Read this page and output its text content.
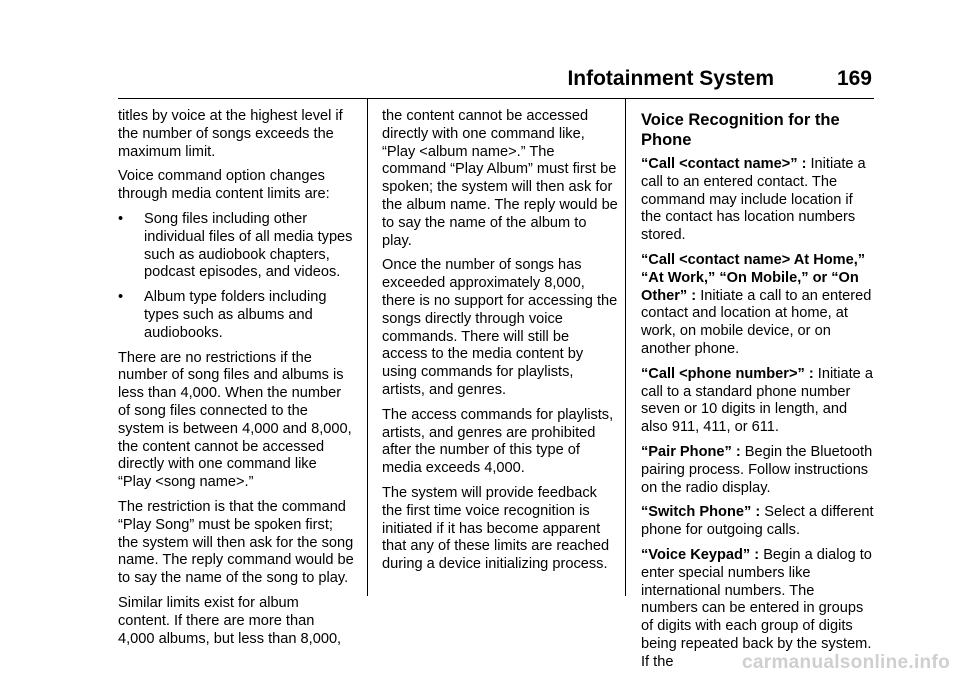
Infotainment System	169

titles by voice at the highest level if the number of songs exceeds the maximum limit.

Voice command option changes through media content limits are:

•	Song files including other individual files of all media types such as audiobook chapters, podcast episodes, and videos.
•	Album type folders including types such as albums and audiobooks.

There are no restrictions if the number of song files and albums is less than 4,000. When the number of song files connected to the system is between 4,000 and 8,000, the content cannot be accessed directly with one command like “Play <song name>.”

The restriction is that the command “Play Song” must be spoken first; the system will then ask for the song name. The reply command would be to say the name of the song to play.

Similar limits exist for album content. If there are more than 4,000 albums, but less than 8,000,

the content cannot be accessed directly with one command like, “Play <album name>.” The command “Play Album” must first be spoken; the system will then ask for the album name. The reply would be to say the name of the album to play.

Once the number of songs has exceeded approximately 8,000, there is no support for accessing the songs directly through voice commands. There will still be access to the media content by using commands for playlists, artists, and genres.

The access commands for playlists, artists, and genres are prohibited after the number of this type of media exceeds 4,000.

The system will provide feedback the first time voice recognition is initiated if it has become apparent that any of these limits are reached during a device initializing process.

Voice Recognition for the Phone

“Call <contact name>” : Initiate a call to an entered contact. The command may include location if the contact has location numbers stored.

“Call <contact name> At Home,” “At Work,” “On Mobile,” or “On Other” : Initiate a call to an entered contact and location at home, at work, on mobile device, or on another phone.

“Call <phone number>” : Initiate a call to a standard phone number seven or 10 digits in length, and also 911, 411, or 611.

“Pair Phone” : Begin the Bluetooth pairing process. Follow instructions on the radio display.

“Switch Phone” : Select a different phone for outgoing calls.

“Voice Keypad” : Begin a dialog to enter special numbers like international numbers. The numbers can be entered in groups of digits with each group of digits being repeated back by the system. If the	carmanualsonline.info
